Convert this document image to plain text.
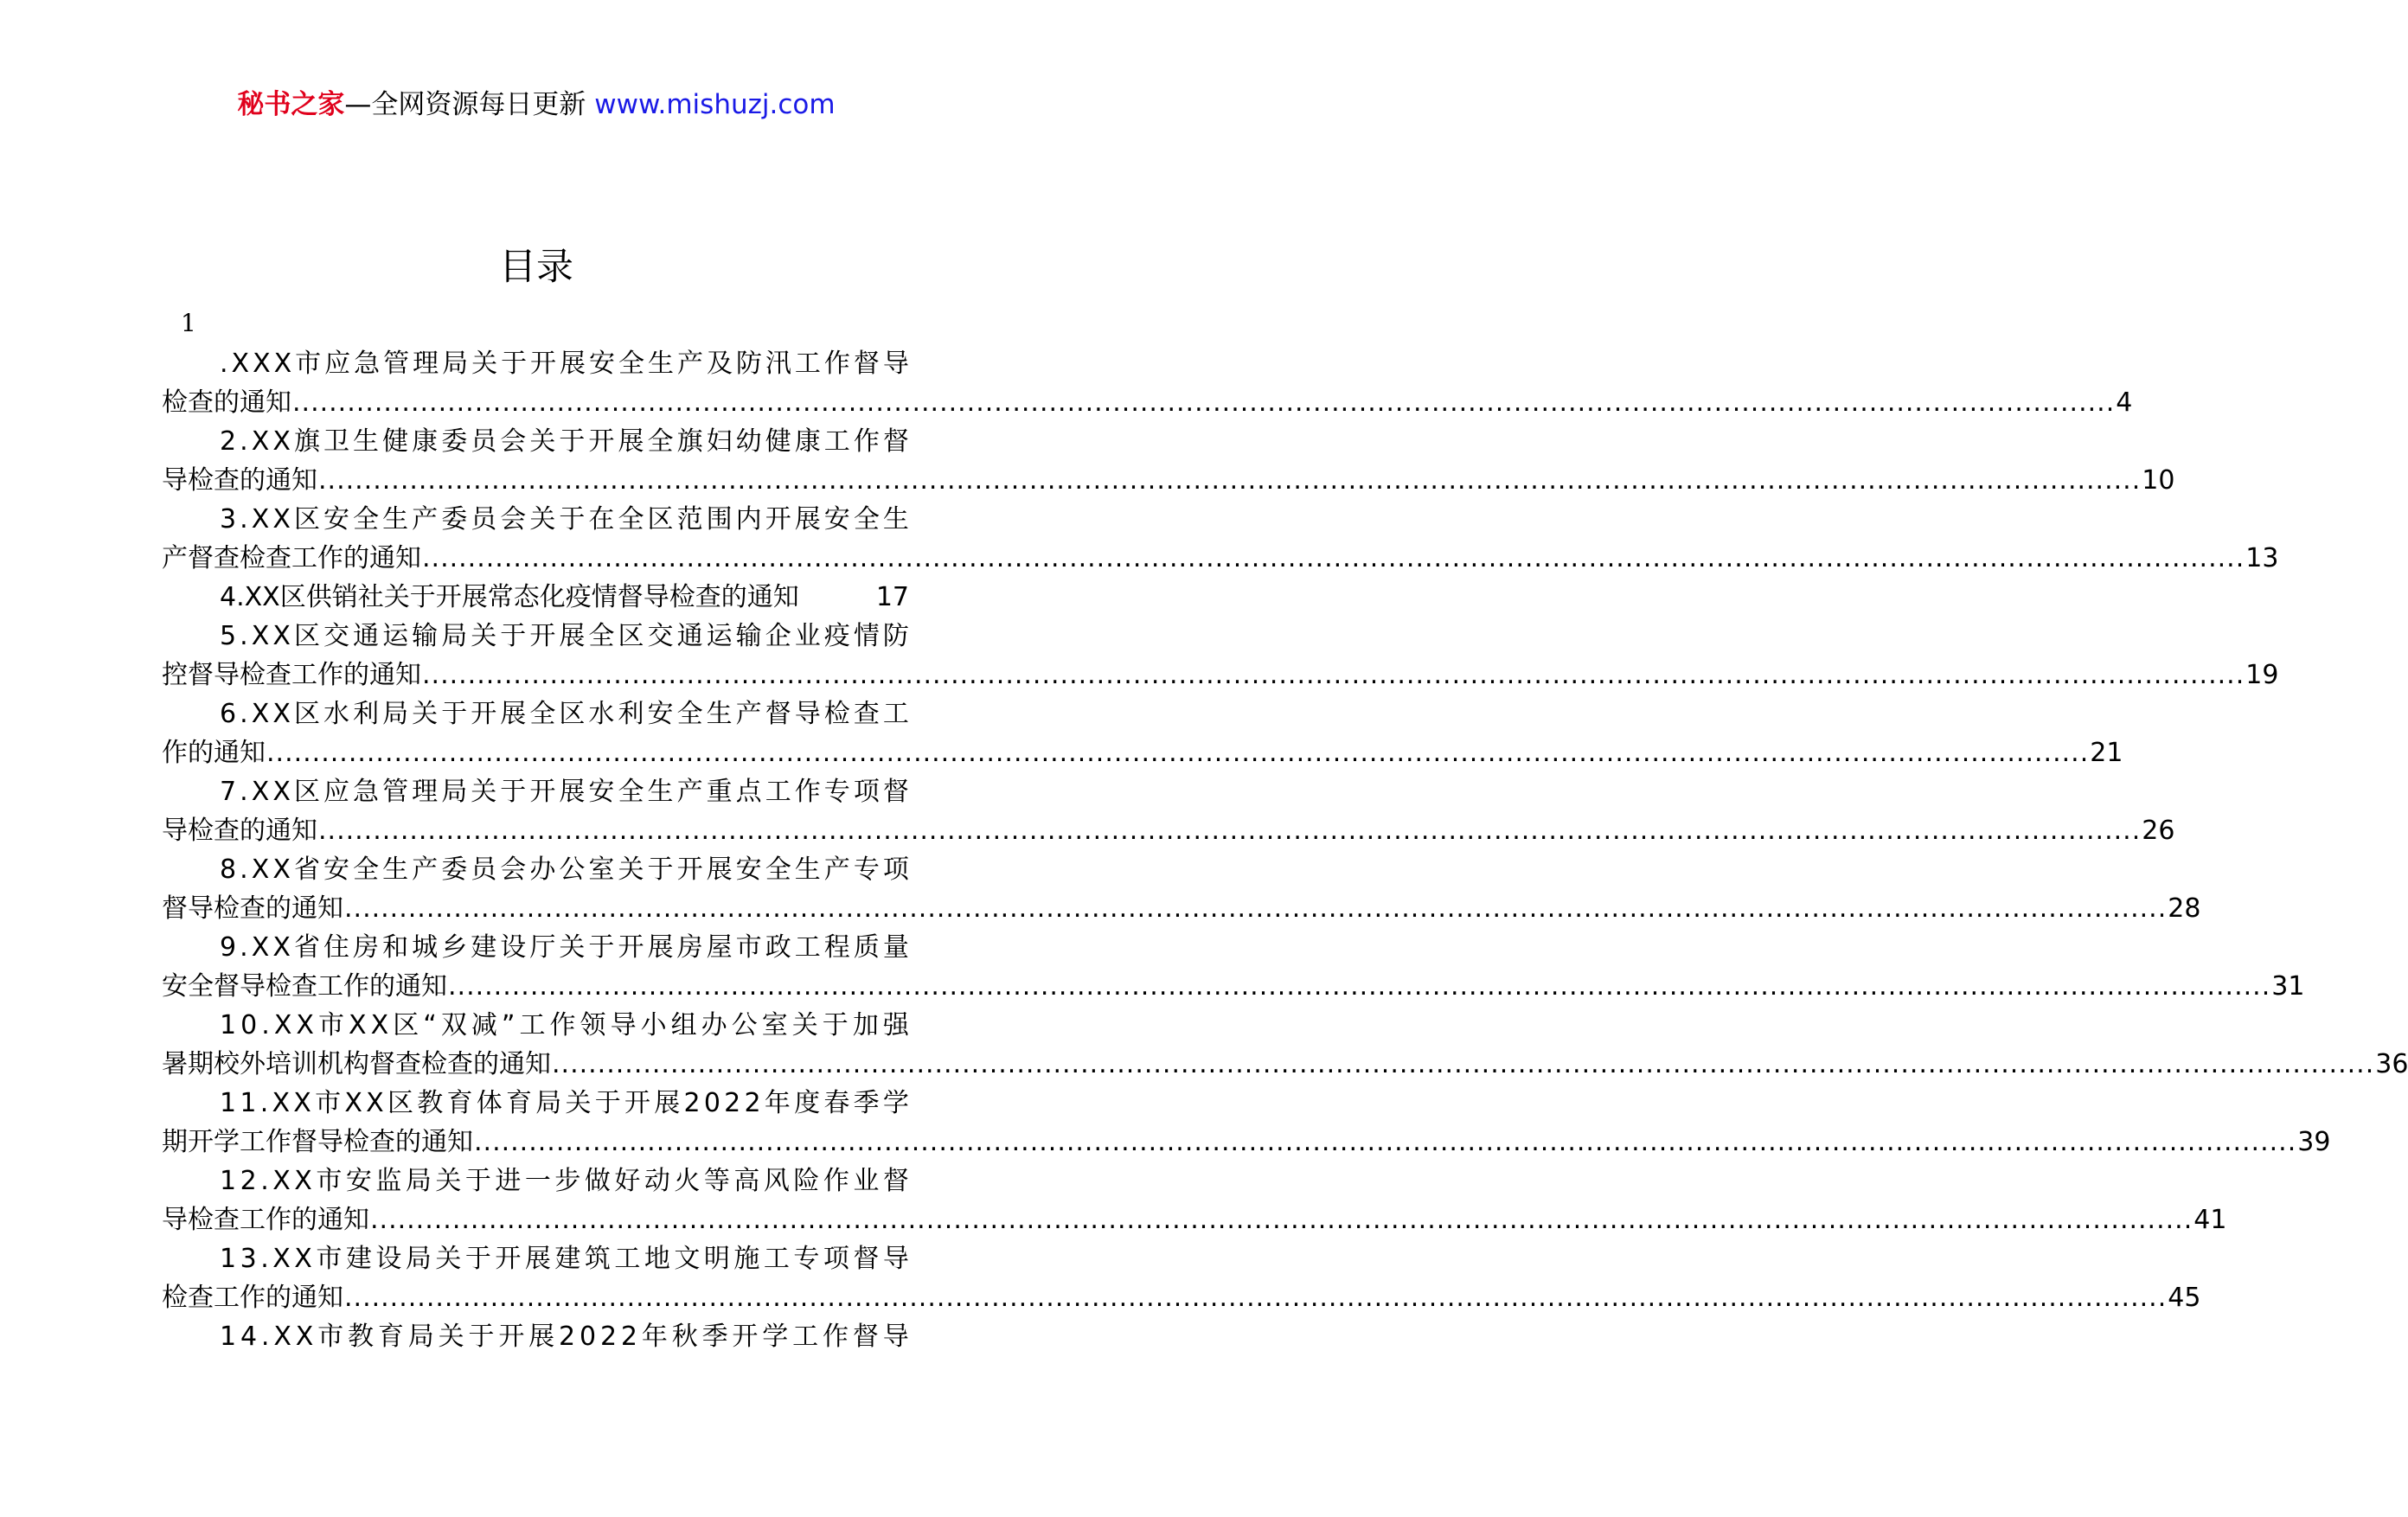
秘书之家—全网资源每日更新 www.mishuzj.com
目录
1
. X X X 市 应 急 管 理 局 关 于 开 展 安 全 生 产 及 防 汛 工 作 督 导
检查的通知 ........................................................................................................................................................................................................ 4
2 . X X 旗 卫 生 健 康 委 员 会 关 于 开 展 全 旗 妇 幼 健 康 工 作 督
导检查的通知 ........................................................................................................................................................................................................ 10
3 . X X 区 安 全 生 产 委 员 会 关 于 在 全 区 范 围 内 开 展 安 全 生
产督查检查工作的通知 ........................................................................................................................................................................................................ 13
4.XX区供销社关于开展常态化疫情督导检查的通知	17
5 . X X 区 交 通 运 输 局 关 于 开 展 全 区 交 通 运 输 企 业 疫 情 防
控督导检查工作的通知 ........................................................................................................................................................................................................ 19
6 . X X 区 水 利 局 关 于 开 展 全 区 水 利 安 全 生 产 督 导 检 查 工
作的通知 ........................................................................................................................................................................................................ 21
7 . X X 区 应 急 管 理 局 关 于 开 展 安 全 生 产 重 点 工 作 专 项 督
导检查的通知 ........................................................................................................................................................................................................ 26
8 . X X 省 安 全 生 产 委 员 会 办 公 室 关 于 开 展 安 全 生 产 专 项
督导检查的通知 ........................................................................................................................................................................................................ 28
9 . X X 省 住 房 和 城 乡 建 设 厅 关 于 开 展 房 屋 市 政 工 程 质 量
安全督导检查工作的通知 ........................................................................................................................................................................................................ 31
1 0 . X X 市 X X 区 “ 双 减 ” 工 作 领 导 小 组 办 公 室 关 于 加 强
暑期校外培训机构督查检查的通知 ........................................................................................................................................................................................................ 36
1 1 . X X 市 X X 区 教 育 体 育 局 关 于 开 展 2 0 2 2 年 度 春 季 学
期开学工作督导检查的通知 ........................................................................................................................................................................................................ 39
1 2 . X X 市 安 监 局 关 于 进 一 步 做 好 动 火 等 高 风 险 作 业 督
导检查工作的通知 ........................................................................................................................................................................................................ 41
1 3 . X X 市 建 设 局 关 于 开 展 建 筑 工 地 文 明 施 工 专 项 督 导
检查工作的通知 ........................................................................................................................................................................................................ 45
1 4 . X X 市 教 育 局 关 于 开 展 2 0 2 2 年 秋 季 开 学 工 作 督 导
